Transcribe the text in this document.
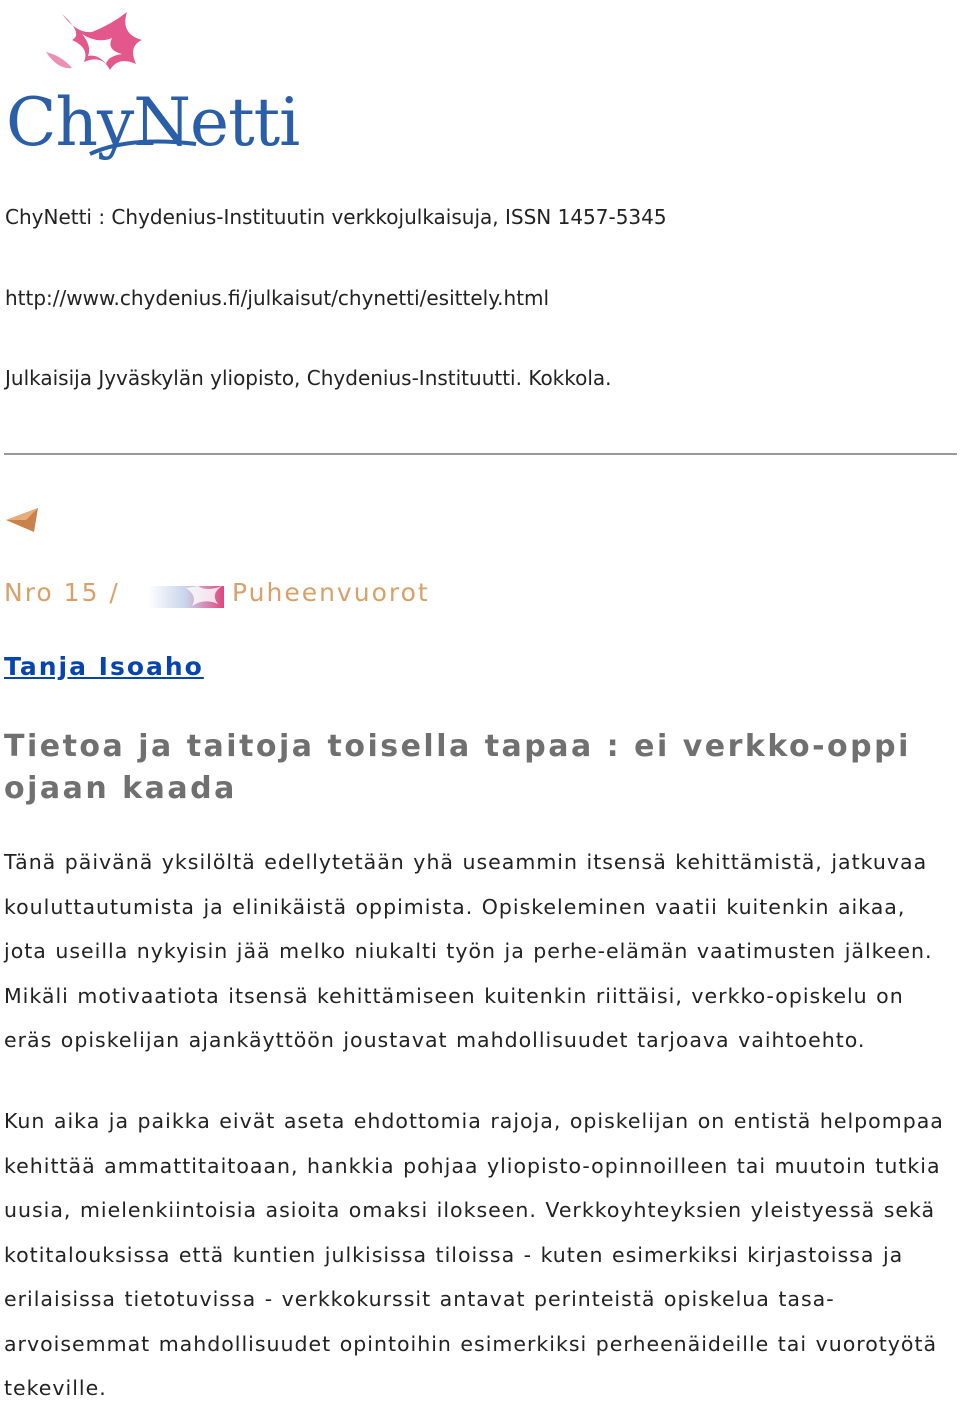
ChyNetti
ChyNetti : Chydenius-Instituutin verkkojulkaisuja, ISSN 1457-5345
http://www.chydenius.fi/julkaisut/chynetti/esittely.html
Julkaisija Jyväskylän yliopisto, Chydenius-Instituutti. Kokkola.
Nro 15 /	Puheenvuorot
Tanja Isoaho
Tietoa ja taitoja toisella tapaa : ei verkko-oppi ojaan kaada
Tänä päivänä yksilöltä edellytetään yhä useammin itsensä kehittämistä, jatkuvaa kouluttautumista ja elinikäistä oppimista. Opiskeleminen vaatii kuitenkin aikaa, jota useilla nykyisin jää melko niukalti työn ja perhe-elämän vaatimusten jälkeen. Mikäli motivaatiota itsensä kehittämiseen kuitenkin riittäisi, verkko-opiskelu on eräs opiskelijan ajankäyttöön joustavat mahdollisuudet tarjoava vaihtoehto.
Kun aika ja paikka eivät aseta ehdottomia rajoja, opiskelijan on entistä helpompaa kehittää ammattitaitoaan, hankkia pohjaa yliopisto-opinnoilleen tai muutoin tutkia uusia, mielenkiintoisia asioita omaksi ilokseen. Verkkoyhteyksien yleistyessä sekä kotitalouksissa että kuntien julkisissa tiloissa - kuten esimerkiksi kirjastoissa ja erilaisissa tietotuvissa - verkkokurssit antavat perinteistä opiskelua tasa-arvoisemmat mahdollisuudet opintoihin esimerkiksi perheenäideille tai vuorotyötä tekeville.
